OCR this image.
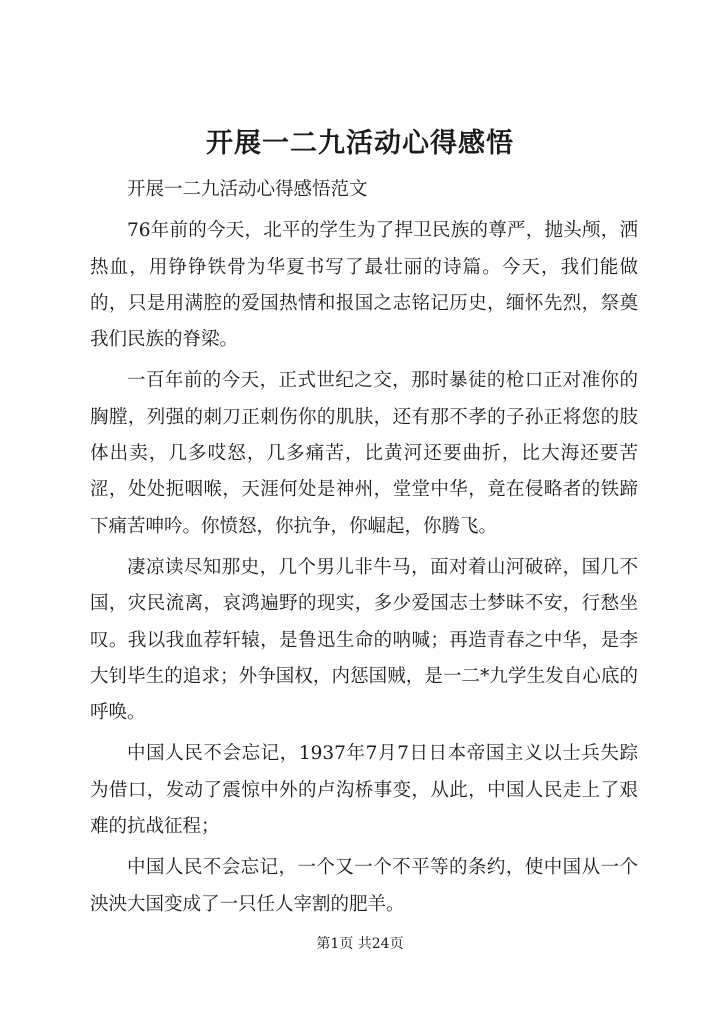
开展一二九活动心得感悟

开展一二九活动心得感悟范文

76年前的今天，北平的学生为了捍卫民族的尊严，抛头颅，洒热血，用铮铮铁骨为华夏书写了最壮丽的诗篇。今天，我们能做的，只是用满腔的爱国热情和报国之志铭记历史，缅怀先烈，祭奠我们民族的脊梁。

一百年前的今天，正式世纪之交，那时暴徒的枪口正对准你的胸膛，列强的刺刀正刺伤你的肌肤，还有那不孝的子孙正将您的肢体出卖，几多哎怒，几多痛苦，比黄河还要曲折，比大海还要苦涩，处处扼咽喉，天涯何处是神州，堂堂中华，竟在侵略者的铁蹄下痛苦呻吟。你愤怒，你抗争，你崛起，你腾飞。

凄凉读尽知那史，几个男儿非牛马，面对着山河破碎，国几不国，灾民流离，哀鸿遍野的现实，多少爱国志士梦昧不安，行愁坐叹。我以我血荐轩辕，是鲁迅生命的呐喊；再造青春之中华，是李大钊毕生的追求；外争国权，内惩国贼，是一二*九学生发自心底的呼唤。

中国人民不会忘记，1937年7月7日日本帝国主义以士兵失踪为借口，发动了震惊中外的卢沟桥事变，从此，中国人民走上了艰难的抗战征程；

中国人民不会忘记，一个又一个不平等的条约，使中国从一个泱泱大国变成了一只任人宰割的肥羊。

第1页 共24页
